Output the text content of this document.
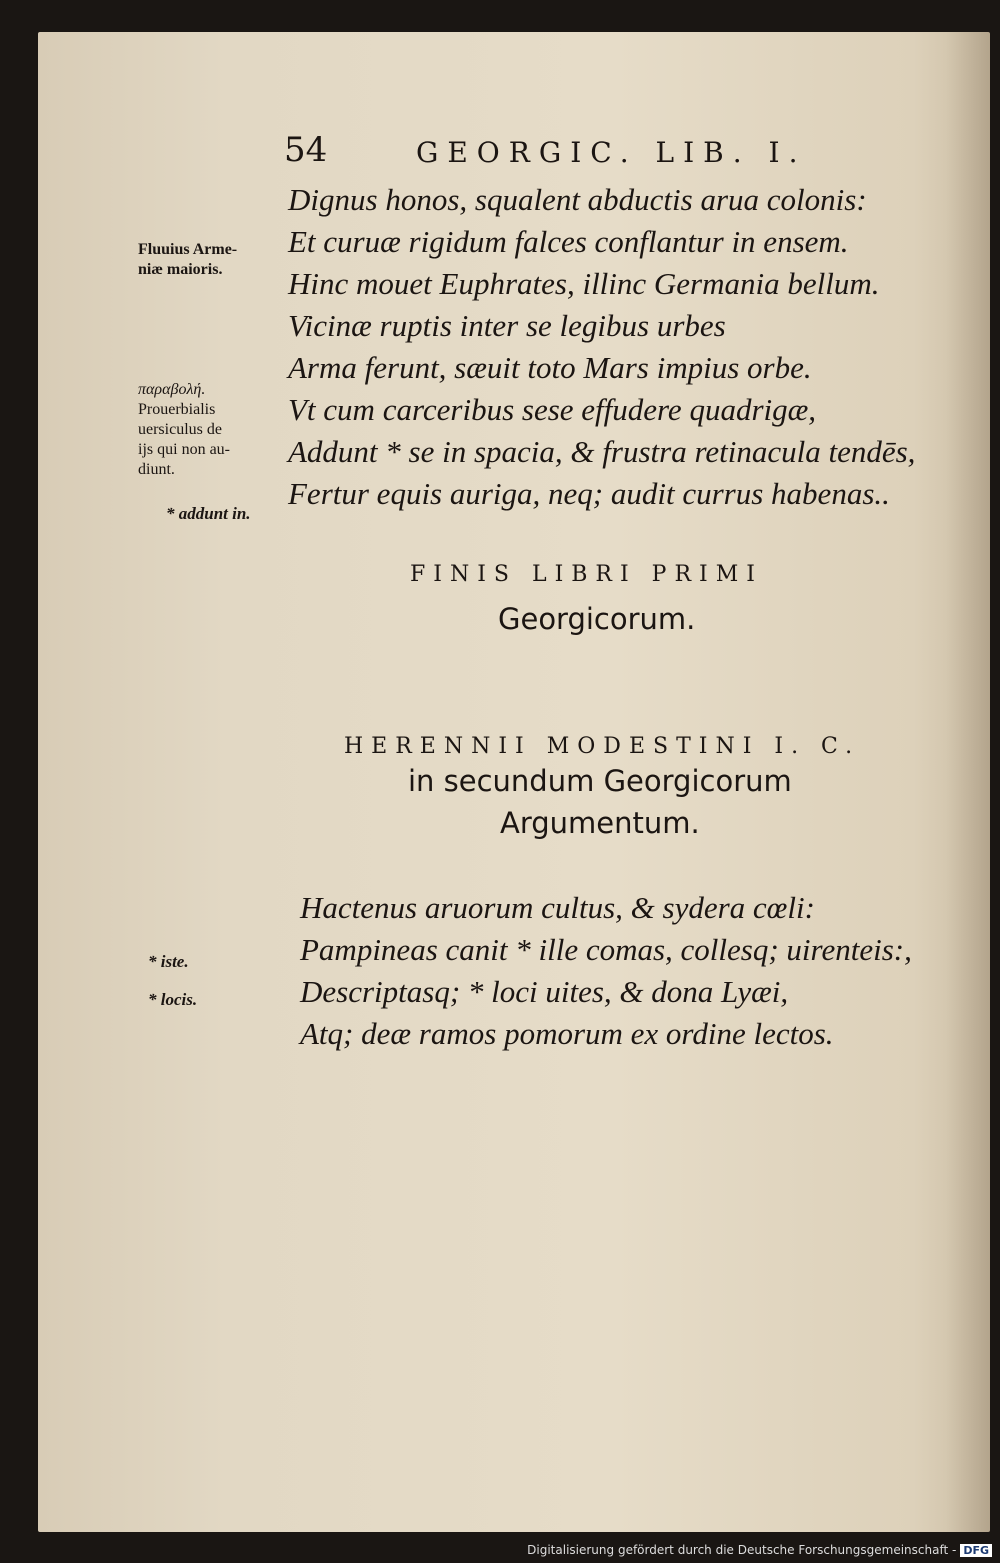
54	GEORGIC. LIB. I.
Dignus honos, squalent abductis arua colonis:
Et curuæ rigidum falces conflantur in ensem.
Hinc mouet Euphrates, illinc Germania bellum.
Vicinæ ruptis inter se legibus urbes
Arma ferunt, sæuit toto Mars impius orbe.
Vt cum carceribus sese effudere quadrigæ,
Addunt * se in spacia, & frustra retinacula tendēs,
Fertur equis auriga, neq; audit currus habenas..
Fluuius Arme-
niæ maioris.
παραβολή.
Prouerbialis
uersiculus de
ijs qui non au-
diunt.
* addunt in.
FINIS LIBRI PRIMI
Georgicorum.
HERENNII MODESTINI I. C.
in secundum Georgicorum
Argumentum.
Hactenus aruorum cultus, & sydera cœli:
Pampineas canit * ille comas, collesq; uirenteis:,
Descriptasq; * loci uites, & dona Lyæi,
Atq; deæ ramos pomorum ex ordine lectos.
* iste.
* locis.
Digitalisierung gefördert durch die Deutsche Forschungsgemeinschaft - DFG
